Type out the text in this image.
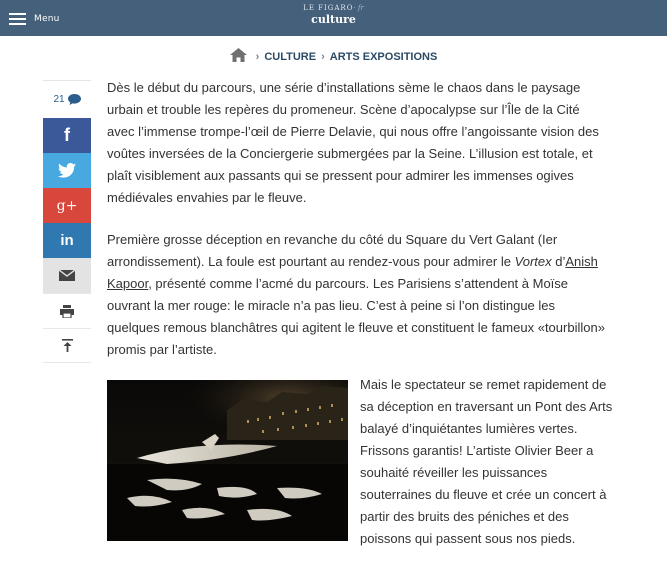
Menu
LE FIGARO· fr
culture
› CULTURE › ARTS EXPOSITIONS
21
f
g+
in

Dès le début du parcours, une série d’installations sème le chaos dans le paysage urbain et trouble les repères du promeneur. Scène d’apocalypse sur l’Île de la Cité avec l’immense trompe-l’œil de Pierre Delavie, qui nous offre l’angoissante vision des voûtes inversées de la Conciergerie submergées par la Seine. L’illusion est totale, et plaît visiblement aux passants qui se pressent pour admirer les immenses ogives médiévales envahies par le fleuve.

Première grosse déception en revanche du côté du Square du Vert Galant (Ier arrondissement). La foule est pourtant au rendez-vous pour admirer le Vortex d’Anish Kapoor, présenté comme l’acmé du parcours. Les Parisiens s’attendent à Moïse ouvrant la mer rouge: le miracle n’a pas lieu. C’est à peine si l’on distingue les quelques remous blanchâtres qui agitent le fleuve et constituent le fameux «tourbillon» promis par l’artiste.

Mais le spectateur se remet rapidement de sa déception en traversant un Pont des Arts balayé d’inquiétantes lumières vertes. Frissons garantis! L’artiste Olivier Beer a souhaité réveiller les puissances souterraines du fleuve et crée un concert à partir des bruits des péniches et des poissons qui passent sous nos pieds.
